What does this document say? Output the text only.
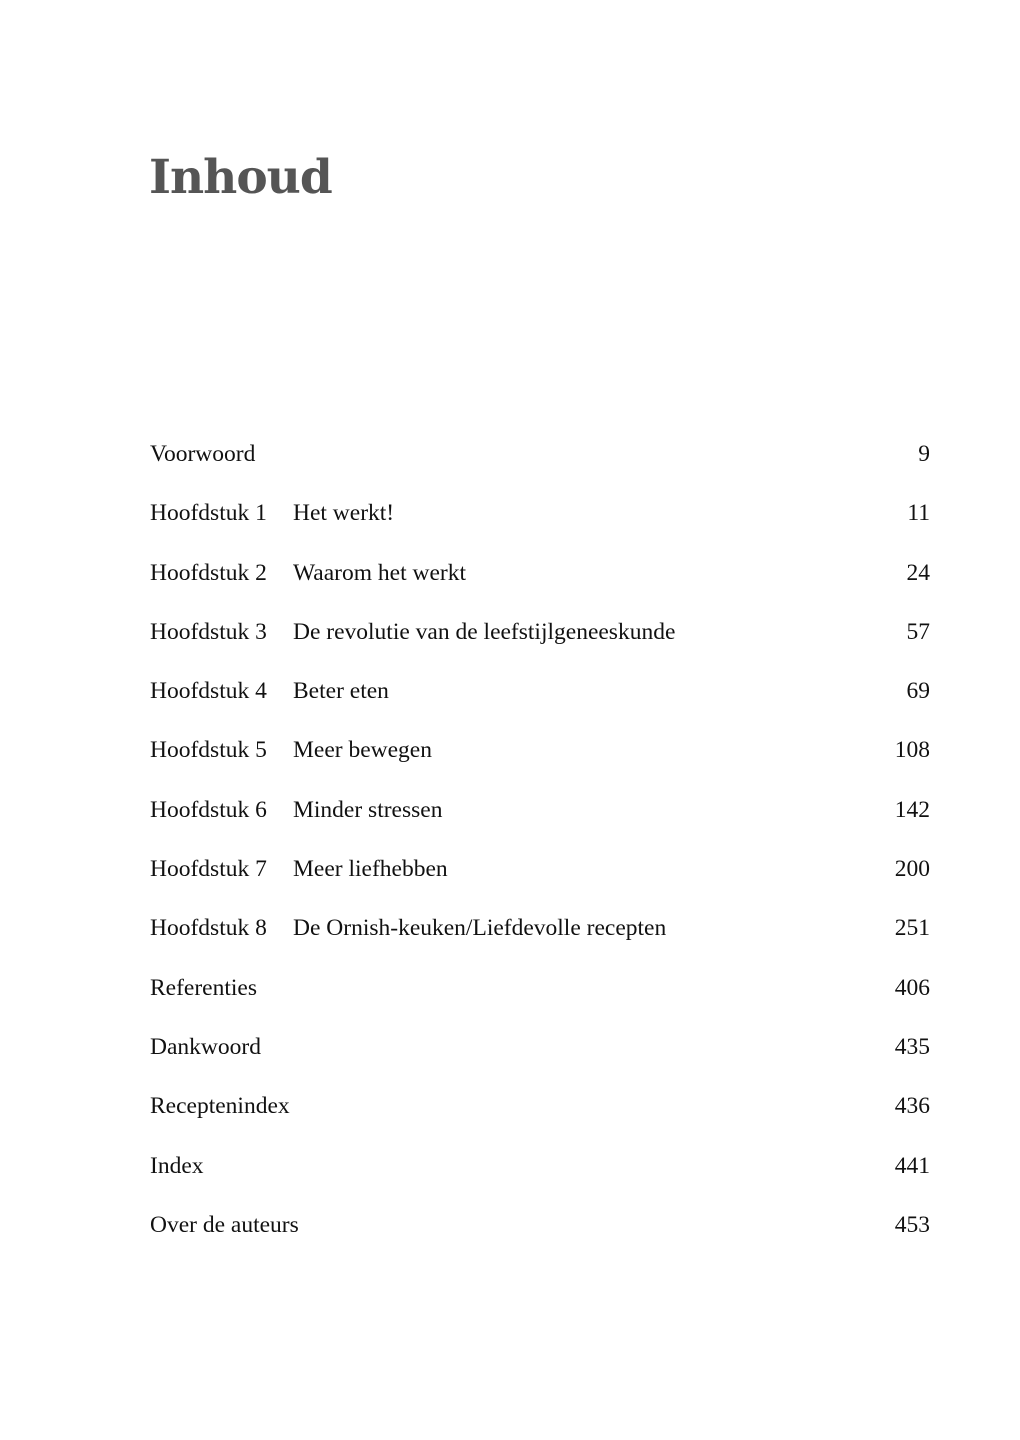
Inhoud
Voorwoord	9
Hoofdstuk 1	Het werkt!	11
Hoofdstuk 2	Waarom het werkt	24
Hoofdstuk 3	De revolutie van de leefstijlgeneeskunde	57
Hoofdstuk 4	Beter eten	69
Hoofdstuk 5	Meer bewegen	108
Hoofdstuk 6	Minder stressen	142
Hoofdstuk 7	Meer liefhebben	200
Hoofdstuk 8	De Ornish-keuken/Liefdevolle recepten	251
Referenties	406
Dankwoord	435
Receptenindex	436
Index	441
Over de auteurs	453
